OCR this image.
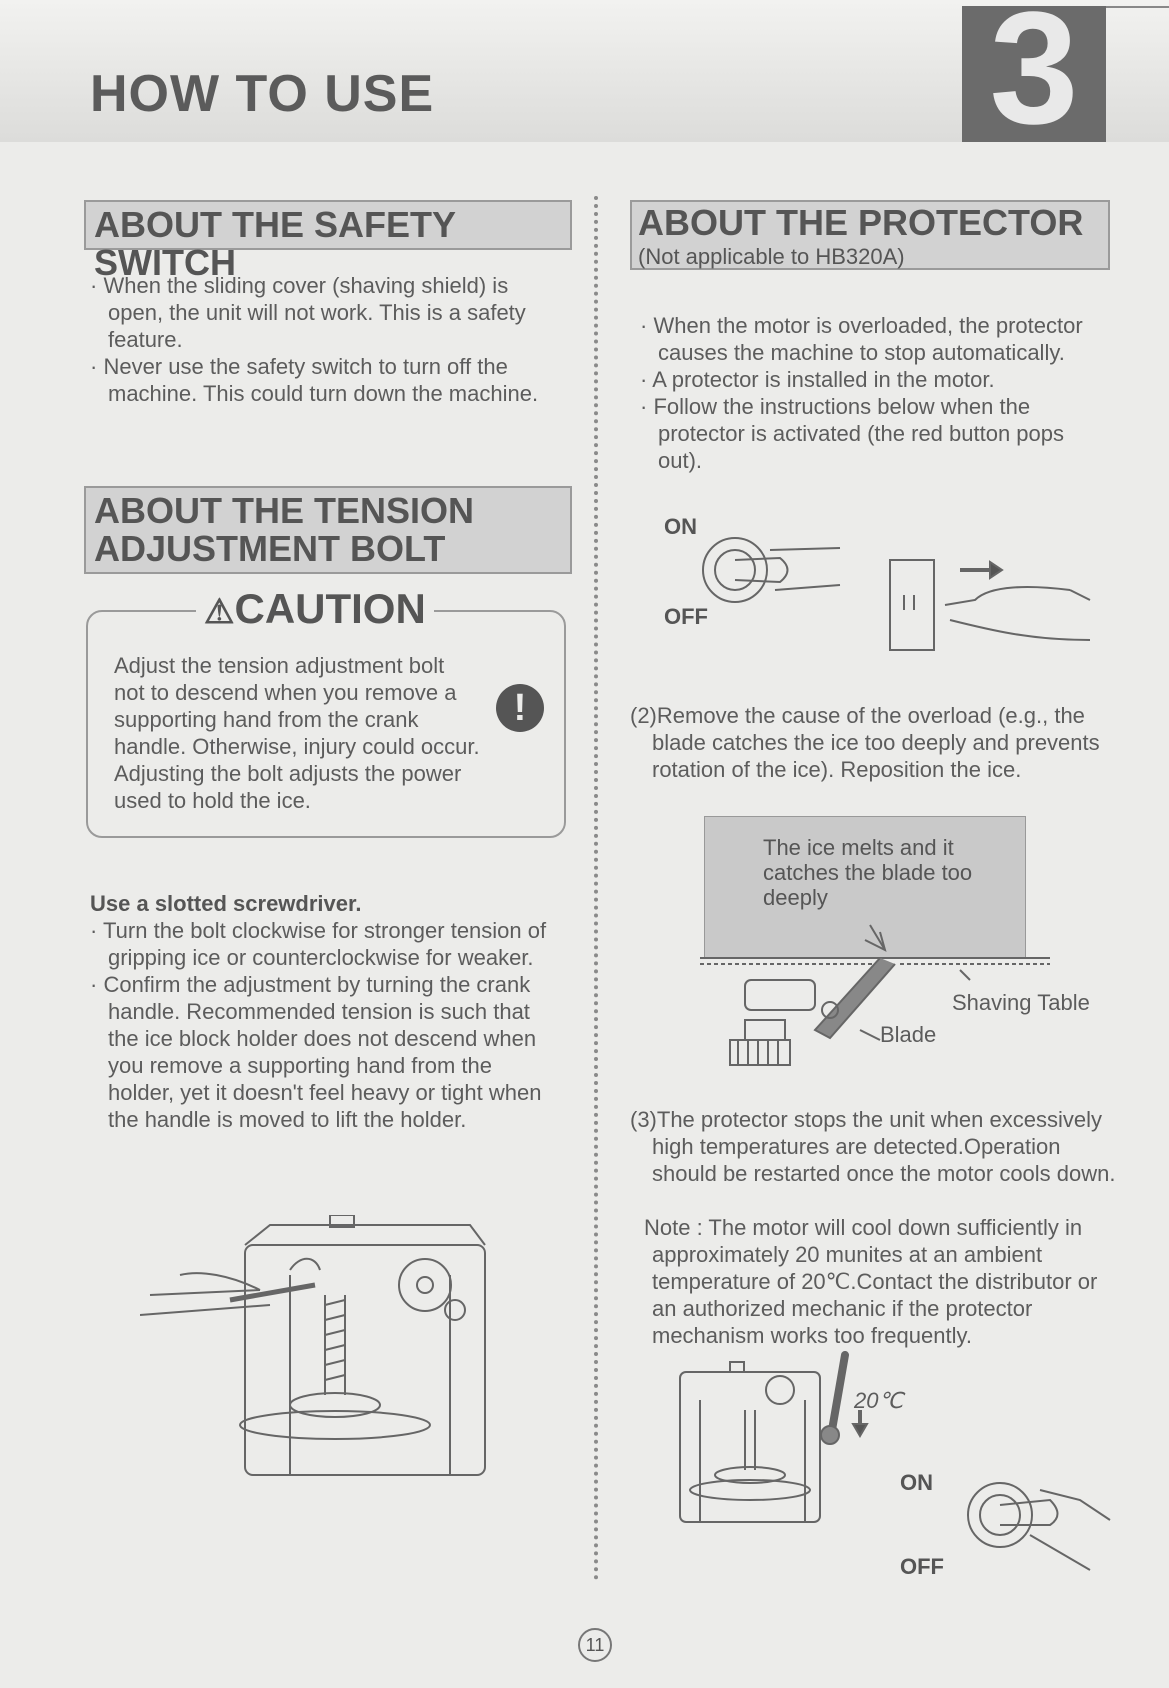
HOW TO USE	3
ABOUT THE SAFETY SWITCH

· When the sliding cover (shaving shield) is open, the unit will not work. This is a safety feature.

· Never use the safety switch to turn off the machine. This could turn down the machine.

ABOUT THE TENSION
ADJUSTMENT BOLT
⚠CAUTION
Adjust the tension adjustment bolt not to descend when you remove a supporting hand from the crank handle. Otherwise, injury could occur. Adjusting the bolt adjusts the power used to hold the ice.
!

Use a slotted screwdriver.

· Turn the bolt clockwise for stronger tension of gripping ice or counterclockwise for weaker.

· Confirm the adjustment by turning the crank handle. Recommended tension is such that the ice block holder does not descend when you remove a supporting hand from the holder, yet it doesn't feel heavy or tight when the handle is moved to lift the holder.

ABOUT THE PROTECTOR
(Not applicable to HB320A)

· When the motor is overloaded, the protector causes the machine to stop automatically.

· A protector is installed in the motor.

· Follow the instructions below when the protector is activated (the red button pops out).

ON
OFF
(2)Remove the cause of the overload (e.g., the blade catches the ice too deeply and prevents rotation of the ice). Reposition the ice.
The ice melts and it catches the blade too deeply
Shaving Table
Blade
(3)The protector stops the unit when excessively high temperatures are detected.Operation should be restarted once the motor cools down.
Note : The motor will cool down sufficiently in approximately 20 munites at an ambient temperature of 20℃.Contact the distributor or an authorized mechanic if the protector mechanism works too frequently.
20℃
ON
OFF
11
